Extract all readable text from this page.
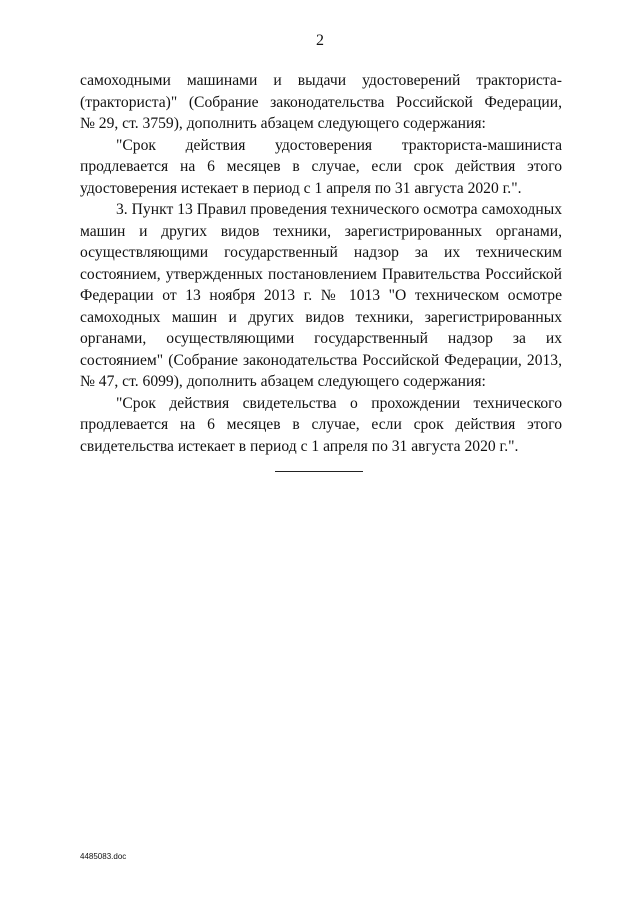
2
самоходными машинами и выдачи удостоверений тракториста-
(тракториста)" (Собрание законодательства Российской Федерации,
№ 29, ст. 3759), дополнить абзацем следующего содержания:
"Срок действия удостоверения тракториста-машиниста
продлевается на 6 месяцев в случае, если срок действия этого
удостоверения истекает в период с 1 апреля по 31 августа 2020 г.".
3. Пункт 13 Правил проведения технического осмотра самоходных
машин и других видов техники, зарегистрированных органами,
осуществляющими государственный надзор за их техническим
состоянием, утвержденных постановлением Правительства Российской
Федерации от 13 ноября 2013 г. № 1013 "О техническом осмотре
самоходных машин и других видов техники, зарегистрированных
органами, осуществляющими государственный надзор за их
состоянием" (Собрание законодательства Российской Федерации, 2013,
№ 47, ст. 6099), дополнить абзацем следующего содержания:
"Срок действия свидетельства о прохождении технического
продлевается на 6 месяцев в случае, если срок действия этого
свидетельства истекает в период с 1 апреля по 31 августа 2020 г.".
4485083.doc
